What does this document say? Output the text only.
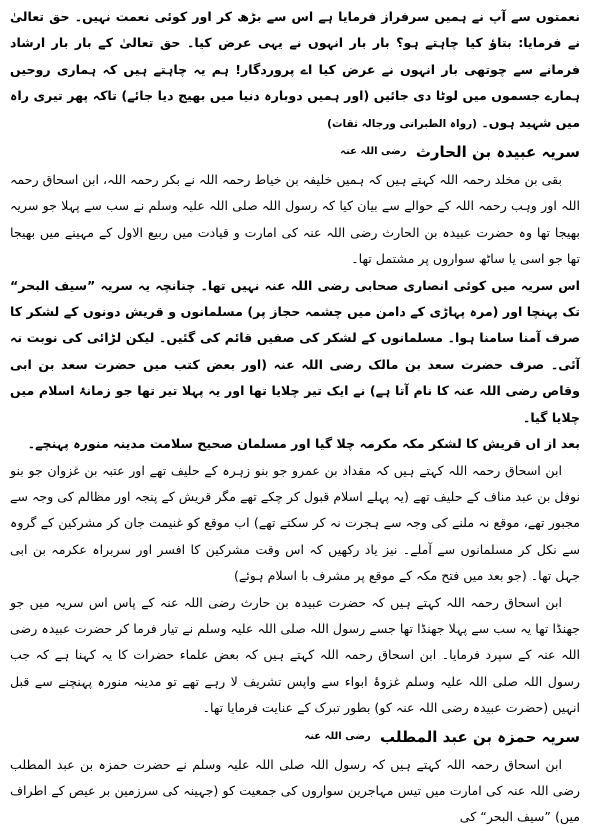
نعمتوں سے آپ نے ہمیں سرفراز فرمایا ہے اس سے بڑھ کر اور کوئی نعمت نہیں۔ حق تعالیٰ نے فرمایا: بتاؤ کیا چاہتے ہو؟ بار بار انہوں نے یہی عرض کیا۔ حق تعالیٰ کے بار بار ارشاد فرمانے سے چوتھی بار انہوں نے عرض کیا اے پروردگار! ہم یہ چاہتے ہیں کہ ہماری روحیں ہمارے جسموں میں لوٹا دی جائیں (اور ہمیں دوبارہ دنیا میں بھیج دیا جائے) تاکہ پھر تیری راہ میں شہید ہوں۔ (رواہ الطبرانی ورجالہ ثقات)

سریہ عبیدہ بن الحارث $^{رضی اللہ عنہ}$

بقی بن مخلد رحمہ اللہ کہتے ہیں کہ ہمیں خلیفہ بن خیاط رحمہ اللہ نے بکر رحمہ اللہ، ابن اسحاق رحمہ اللہ اور وہب رحمہ اللہ کے حوالے سے بیان کیا کہ رسول اللہ صلی اللہ علیہ وسلم نے سب سے پہلا جو سریہ بھیجا تھا وہ حضرت عبیدہ بن الحارث رضی اللہ عنہ کی امارت و قیادت میں ربیع الاول کے مہینے میں بھیجا تھا جو اسی یا ساٹھ سواروں پر مشتمل تھا۔

اس سریہ میں کوئی انصاری صحابی رضی اللہ عنہ نہیں تھا۔ چنانچہ یہ سریہ ”سیف البحر“ تک پہنچا اور (مرہ پہاڑی کے دامن میں چشمہ حجاز پر) مسلمانوں و قریش دونوں کے لشکر کا صرف آمنا سامنا ہوا۔ مسلمانوں کے لشکر کی صفیں قائم کی گئیں۔ لیکن لڑائی کی نوبت نہ آئی۔ صرف حضرت سعد بن مالک رضی اللہ عنہ (اور بعض کتب میں حضرت سعد بن ابی وقاص رضی اللہ عنہ کا نام آتا ہے) نے ایک تیر چلایا تھا اور یہ پہلا تیر تھا جو زمانۂ اسلام میں چلایا گیا۔

بعد از اں قریش کا لشکر مکہ مکرمہ چلا گیا اور مسلمان صحیح سلامت مدینہ منورہ پہنچے۔

ابن اسحاق رحمہ اللہ کہتے ہیں کہ مقداد بن عمرو جو بنو زہرہ کے حلیف تھے اور عتبہ بن غزوان جو بنو نوفل بن عبد مناف کے حلیف تھے (یہ پہلے اسلام قبول کر چکے تھے مگر قریش کے پنجہ اور مظالم کی وجہ سے مجبور تھے، موقع نہ ملنے کی وجہ سے ہجرت نہ کر سکتے تھے) اب موقع کو غنیمت جان کر مشرکین کے گروہ سے نکل کر مسلمانوں سے آملے۔ نیز یاد رکھیں کہ اس وقت مشرکین کا افسر اور سربراہ عکرمہ بن ابی جہل تھا۔ (جو بعد میں فتح مکہ کے موقع پر مشرف با اسلام ہوئے)

ابن اسحاق رحمہ اللہ کہتے ہیں کہ حضرت عبیدہ بن حارث رضی اللہ عنہ کے پاس اس سریہ میں جو جھنڈا تھا یہ سب سے پہلا جھنڈا تھا جسے رسول اللہ صلی اللہ علیہ وسلم نے تیار فرما کر حضرت عبیدہ رضی اللہ عنہ کے سپرد فرمایا۔ ابن اسحاق رحمہ اللہ کہتے ہیں کہ بعض علماء حضرات کا یہ کہنا ہے کہ جب رسول اللہ صلی اللہ علیہ وسلم غزوۂ ابواء سے واپس تشریف لا رہے تھے تو مدینہ منورہ پہنچنے سے قبل انہیں (حضرت عبیدہ رضی اللہ عنہ کو) بطور تبرک کے عنایت فرمایا تھا۔

سریہ حمزہ بن عبد المطلب $^{رضی اللہ عنہ}$

ابن اسحاق رحمہ اللہ کہتے ہیں کہ رسول اللہ صلی اللہ علیہ وسلم نے حضرت حمزہ بن عبد المطلب رضی اللہ عنہ کی امارت میں تیس مہاجرین سواروں کی جمعیت کو (جہینہ کی سرزمین بر عیص کے اطراف میں) ”سیف البحر“ کی
